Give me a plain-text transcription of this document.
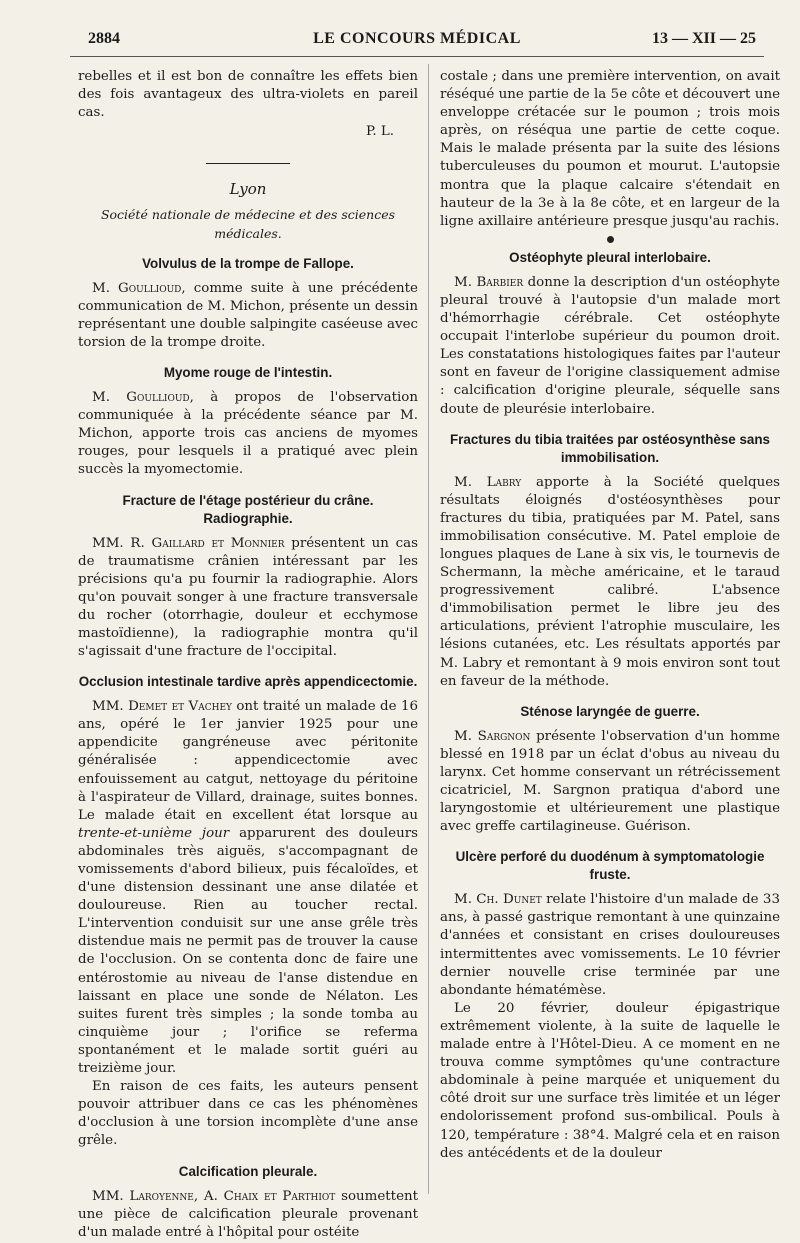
2884	LE CONCOURS MÉDICAL	13 — XII — 25

rebelles et il est bon de connaître les effets bien des fois avantageux des ultra-violets en pareil cas.

P. L.
Lyon
Société nationale de médecine et des sciences médicales.
Volvulus de la trompe de Fallope.

M. Goullioud, comme suite à une précédente communication de M. Michon, présente un dessin représentant une double salpingite caséeuse avec torsion de la trompe droite.

Myome rouge de l'intestin.

M. Goullioud, à propos de l'observation communiquée à la précédente séance par M. Michon, apporte trois cas anciens de myomes rouges, pour lesquels il a pratiqué avec plein succès la myomectomie.

Fracture de l'étage postérieur du crâne. Radiographie.

MM. R. Gaillard et Monnier présentent un cas de traumatisme crânien intéressant par les précisions qu'a pu fournir la radiographie. Alors qu'on pouvait songer à une fracture transversale du rocher (otorrhagie, douleur et ecchymose mastoïdienne), la radiographie montra qu'il s'agissait d'une fracture de l'occipital.

Occlusion intestinale tardive après appendicectomie.

MM. Demet et Vachey ont traité un malade de 16 ans, opéré le 1er janvier 1925 pour une appendicite gangréneuse avec péritonite généralisée : appendicectomie avec enfouissement au catgut, nettoyage du péritoine à l'aspirateur de Villard, drainage, suites bonnes. Le malade était en excellent état lorsque au trente-et-unième jour apparurent des douleurs abdominales très aiguës, s'accompagnant de vomissements d'abord bilieux, puis fécaloïdes, et d'une distension dessinant une anse dilatée et douloureuse. Rien au toucher rectal. L'intervention conduisit sur une anse grêle très distendue mais ne permit pas de trouver la cause de l'occlusion. On se contenta donc de faire une entérostomie au niveau de l'anse distendue en laissant en place une sonde de Nélaton. Les suites furent très simples ; la sonde tomba au cinquième jour ; l'orifice se referma spontanément et le malade sortit guéri au treizième jour.

En raison de ces faits, les auteurs pensent pouvoir attribuer dans ce cas les phénomènes d'occlusion à une torsion incomplète d'une anse grêle.

Calcification pleurale.

MM. Laroyenne, A. Chaix et Parthiot soumettent une pièce de calcification pleurale provenant d'un malade entré à l'hôpital pour ostéite

costale ; dans une première intervention, on avait réséqué une partie de la 5e côte et découvert une enveloppe crétacée sur le poumon ; trois mois après, on réséqua une partie de cette coque. Mais le malade présenta par la suite des lésions tuberculeuses du poumon et mourut. L'autopsie montra que la plaque calcaire s'étendait en hauteur de la 3e à la 8e côte, et en largeur de la ligne axillaire antérieure presque jusqu'au rachis.

Ostéophyte pleural interlobaire.

M. Barbier donne la description d'un ostéophyte pleural trouvé à l'autopsie d'un malade mort d'hémorrhagie cérébrale. Cet ostéophyte occupait l'interlobe supérieur du poumon droit. Les constatations histologiques faites par l'auteur sont en faveur de l'origine classiquement admise : calcification d'origine pleurale, séquelle sans doute de pleurésie interlobaire.

Fractures du tibia traitées par ostéosynthèse sans immobilisation.

M. Labry apporte à la Société quelques résultats éloignés d'ostéosynthèses pour fractures du tibia, pratiquées par M. Patel, sans immobilisation consécutive. M. Patel emploie de longues plaques de Lane à six vis, le tournevis de Schermann, la mèche américaine, et le taraud progressivement calibré. L'absence d'immobilisation permet le libre jeu des articulations, prévient l'atrophie musculaire, les lésions cutanées, etc. Les résultats apportés par M. Labry et remontant à 9 mois environ sont tout en faveur de la méthode.

Sténose laryngée de guerre.

M. Sargnon présente l'observation d'un homme blessé en 1918 par un éclat d'obus au niveau du larynx. Cet homme conservant un rétrécissement cicatriciel, M. Sargnon pratiqua d'abord une laryngostomie et ultérieurement une plastique avec greffe cartilagineuse. Guérison.

Ulcère perforé du duodénum à symptomatologie fruste.

M. Ch. Dunet relate l'histoire d'un malade de 33 ans, à passé gastrique remontant à une quinzaine d'années et consistant en crises douloureuses intermittentes avec vomissements. Le 10 février dernier nouvelle crise terminée par une abondante hématémèse.

Le 20 février, douleur épigastrique extrêmement violente, à la suite de laquelle le malade entre à l'Hôtel-Dieu. A ce moment en ne trouva comme symptômes qu'une contracture abdominale à peine marquée et uniquement du côté droit sur une surface très limitée et un léger endolorissement profond sus-ombilical. Pouls à 120, température : 38°4. Malgré cela et en raison des antécédents et de la douleur
